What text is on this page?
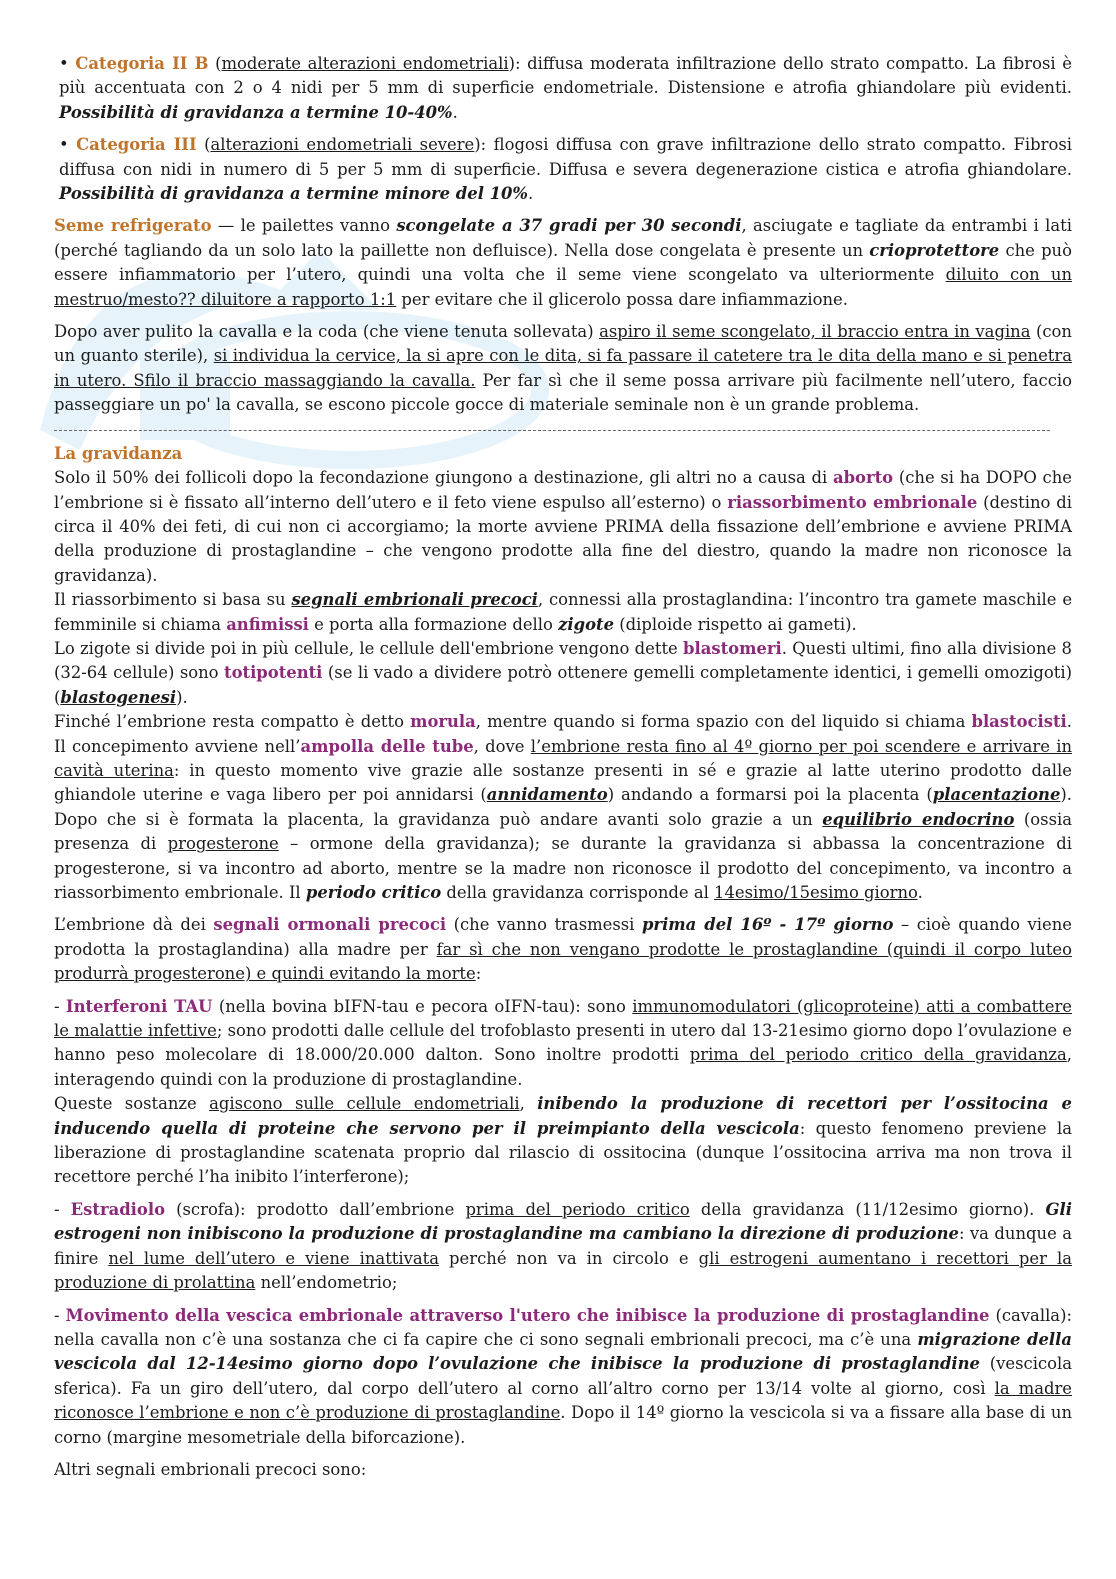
• Categoria II B (moderate alterazioni endometriali): diffusa moderata infiltrazione dello strato compatto. La fibrosi è più accentuata con 2 o 4 nidi per 5 mm di superficie endometriale. Distensione e atrofia ghiandolare più evidenti. Possibilità di gravidanza a termine 10-40%.

• Categoria III (alterazioni endometriali severe): flogosi diffusa con grave infiltrazione dello strato compatto. Fibrosi diffusa con nidi in numero di 5 per 5 mm di superficie. Diffusa e severa degenerazione cistica e atrofia ghiandolare. Possibilità di gravidanza a termine minore del 10%.

Seme refrigerato — le pailettes vanno scongelate a 37 gradi per 30 secondi, asciugate e tagliate da entrambi i lati (perché tagliando da un solo lato la paillette non defluisce). Nella dose congelata è presente un crioprotettore che può essere infiammatorio per l’utero, quindi una volta che il seme viene scongelato va ulteriormente diluito con un mestruo/mesto?? diluitore a rapporto 1:1 per evitare che il glicerolo possa dare infiammazione.

Dopo aver pulito la cavalla e la coda (che viene tenuta sollevata) aspiro il seme scongelato, il braccio entra in vagina (con un guanto sterile), si individua la cervice, la si apre con le dita, si fa passare il catetere tra le dita della mano e si penetra in utero. Sfilo il braccio massaggiando la cavalla. Per far sì che il seme possa arrivare più facilmente nell’utero, faccio passeggiare un po' la cavalla, se escono piccole gocce di materiale seminale non è un grande problema.

La gravidanza

Solo il 50% dei follicoli dopo la fecondazione giungono a destinazione, gli altri no a causa di aborto (che si ha DOPO che l’embrione si è fissato all’interno dell’utero e il feto viene espulso all’esterno) o riassorbimento embrionale (destino di circa il 40% dei feti, di cui non ci accorgiamo; la morte avviene PRIMA della fissazione dell’embrione e avviene PRIMA della produzione di prostaglandine – che vengono prodotte alla fine del diestro, quando la madre non riconosce la gravidanza).

Il riassorbimento si basa su segnali embrionali precoci, connessi alla prostaglandina: l’incontro tra gamete maschile e femminile si chiama anfimissi e porta alla formazione dello zigote (diploide rispetto ai gameti).

Lo zigote si divide poi in più cellule, le cellule dell'embrione vengono dette blastomeri. Questi ultimi, fino alla divisione 8 (32-64 cellule) sono totipotenti (se li vado a dividere potrò ottenere gemelli completamente identici, i gemelli omozigoti)(blastogenesi).

Finché l’embrione resta compatto è detto morula, mentre quando si forma spazio con del liquido si chiama blastocisti. Il concepimento avviene nell’ampolla delle tube, dove l’embrione resta fino al 4º giorno per poi scendere e arrivare in cavità uterina: in questo momento vive grazie alle sostanze presenti in sé e grazie al latte uterino prodotto dalle ghiandole uterine e vaga libero per poi annidarsi (annidamento) andando a formarsi poi la placenta (placentazione). Dopo che si è formata la placenta, la gravidanza può andare avanti solo grazie a un equilibrio endocrino (ossia presenza di progesterone – ormone della gravidanza); se durante la gravidanza si abbassa la concentrazione di progesterone, si va incontro ad aborto, mentre se la madre non riconosce il prodotto del concepimento, va incontro a riassorbimento embrionale. Il periodo critico della gravidanza corrisponde al 14esimo/15esimo giorno.

L’embrione dà dei segnali ormonali precoci (che vanno trasmessi prima del 16º - 17º giorno – cioè quando viene prodotta la prostaglandina) alla madre per far sì che non vengano prodotte le prostaglandine (quindi il corpo luteo produrrà progesterone) e quindi evitando la morte:

- Interferoni TAU (nella bovina bIFN-tau e pecora oIFN-tau): sono immunomodulatori (glicoproteine) atti a combattere le malattie infettive; sono prodotti dalle cellule del trofoblasto presenti in utero dal 13-21esimo giorno dopo l’ovulazione e hanno peso molecolare di 18.000/20.000 dalton. Sono inoltre prodotti prima del periodo critico della gravidanza, interagendo quindi con la produzione di prostaglandine.

Queste sostanze agiscono sulle cellule endometriali, inibendo la produzione di recettori per l’ossitocina e inducendo quella di proteine che servono per il preimpianto della vescicola: questo fenomeno previene la liberazione di prostaglandine scatenata proprio dal rilascio di ossitocina (dunque l’ossitocina arriva ma non trova il recettore perché l’ha inibito l’interferone);

- Estradiolo (scrofa): prodotto dall’embrione prima del periodo critico della gravidanza (11/12esimo giorno). Gli estrogeni non inibiscono la produzione di prostaglandine ma cambiano la direzione di produzione: va dunque a finire nel lume dell’utero e viene inattivata perché non va in circolo e gli estrogeni aumentano i recettori per la produzione di prolattina nell’endometrio;

- Movimento della vescica embrionale attraverso l'utero che inibisce la produzione di prostaglandine (cavalla): nella cavalla non c’è una sostanza che ci fa capire che ci sono segnali embrionali precoci, ma c’è una migrazione della vescicola dal 12-14esimo giorno dopo l’ovulazione che inibisce la produzione di prostaglandine (vescicola sferica). Fa un giro dell’utero, dal corpo dell’utero al corno all’altro corno per 13/14 volte al giorno, così la madre riconosce l’embrione e non c’è produzione di prostaglandine. Dopo il 14º giorno la vescicola si va a fissare alla base di un corno (margine mesometriale della biforcazione).

Altri segnali embrionali precoci sono:
